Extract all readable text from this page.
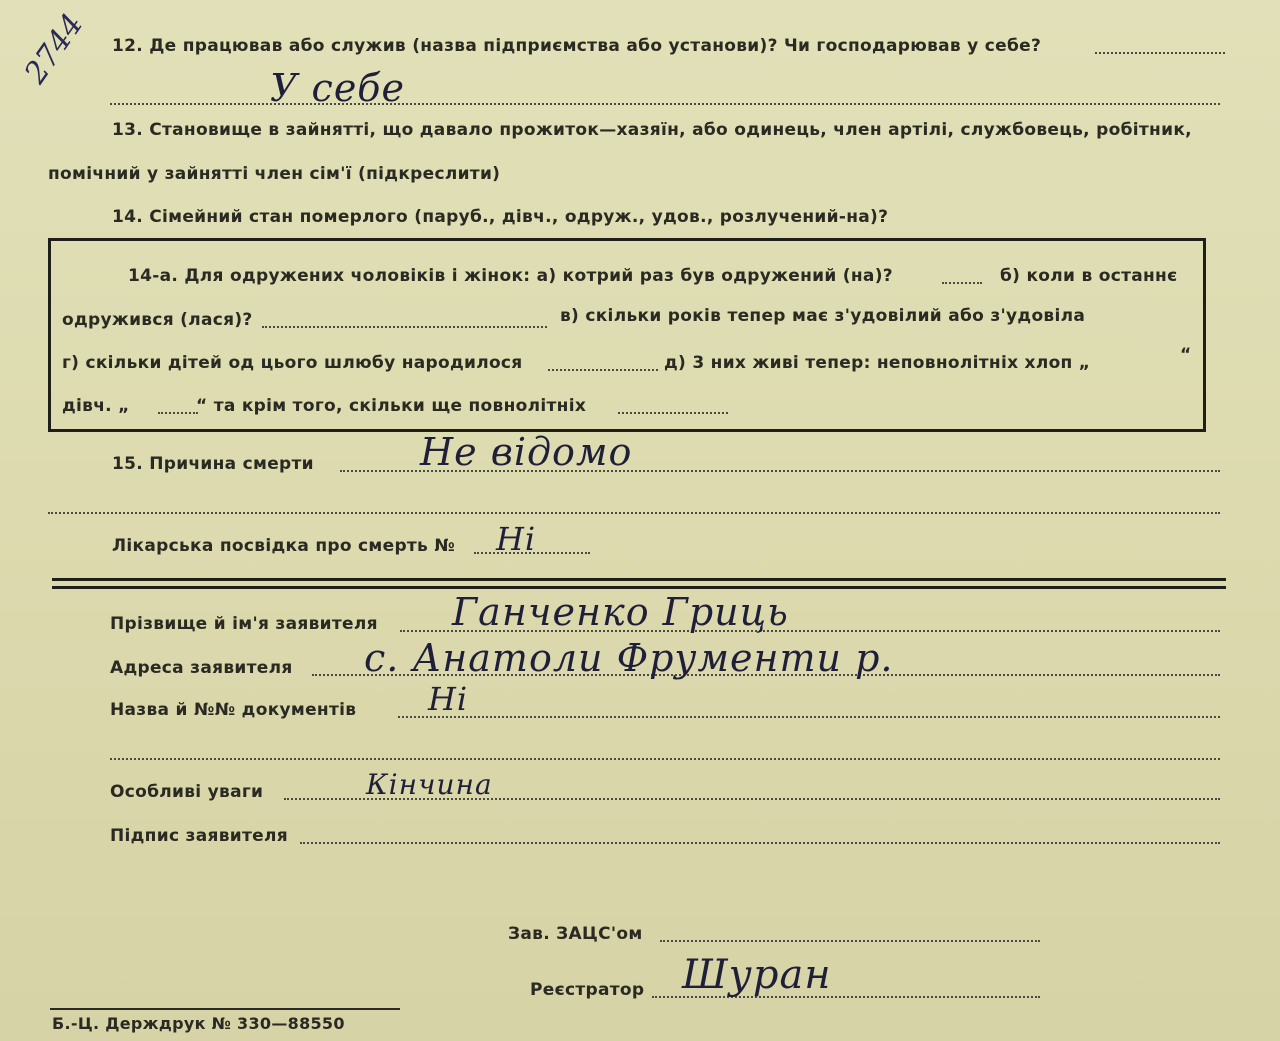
2744 12. Де працював або служив (назва підприємства або установи)? Чи господарював у себе?
У себе
13. Становище в зайнятті, що давало прожиток—хазяїн, або одинець, член артілі, службовець, робітник,
помічний у зайнятті член сім'ї (підкреслити)
14. Сімейний стан померлого (паруб., дівч., одруж., удов., розлучений-на)?
14-а. Для одружених чоловіків і жінок: а) котрий раз був одружений (на)?	б) коли в останнє
одружився (лася)?	в) скільки років тепер має з'удовілий або з'удовіла
г) скільки дітей од цього шлюбу народилося	д) 3 них живі тепер: неповнолітніх хлоп „	“
дівч. „	“ та крім того, скільки ще повнолітніх
15. Причина смерти	Не відомо
Лікарська посвідка про смерть № Ні
Прізвище й ім'я заявителя Ганченко Гриць
Адреса заявителя с. Анатоли Фрументи р.
Назва й №№ документів Ні
Особливі уваги	Кінчина
Підпис заявителя
Зав. ЗАЦС'ом
Реєстратор Шуран
Б.-Ц. Держдрук № 330—88550
